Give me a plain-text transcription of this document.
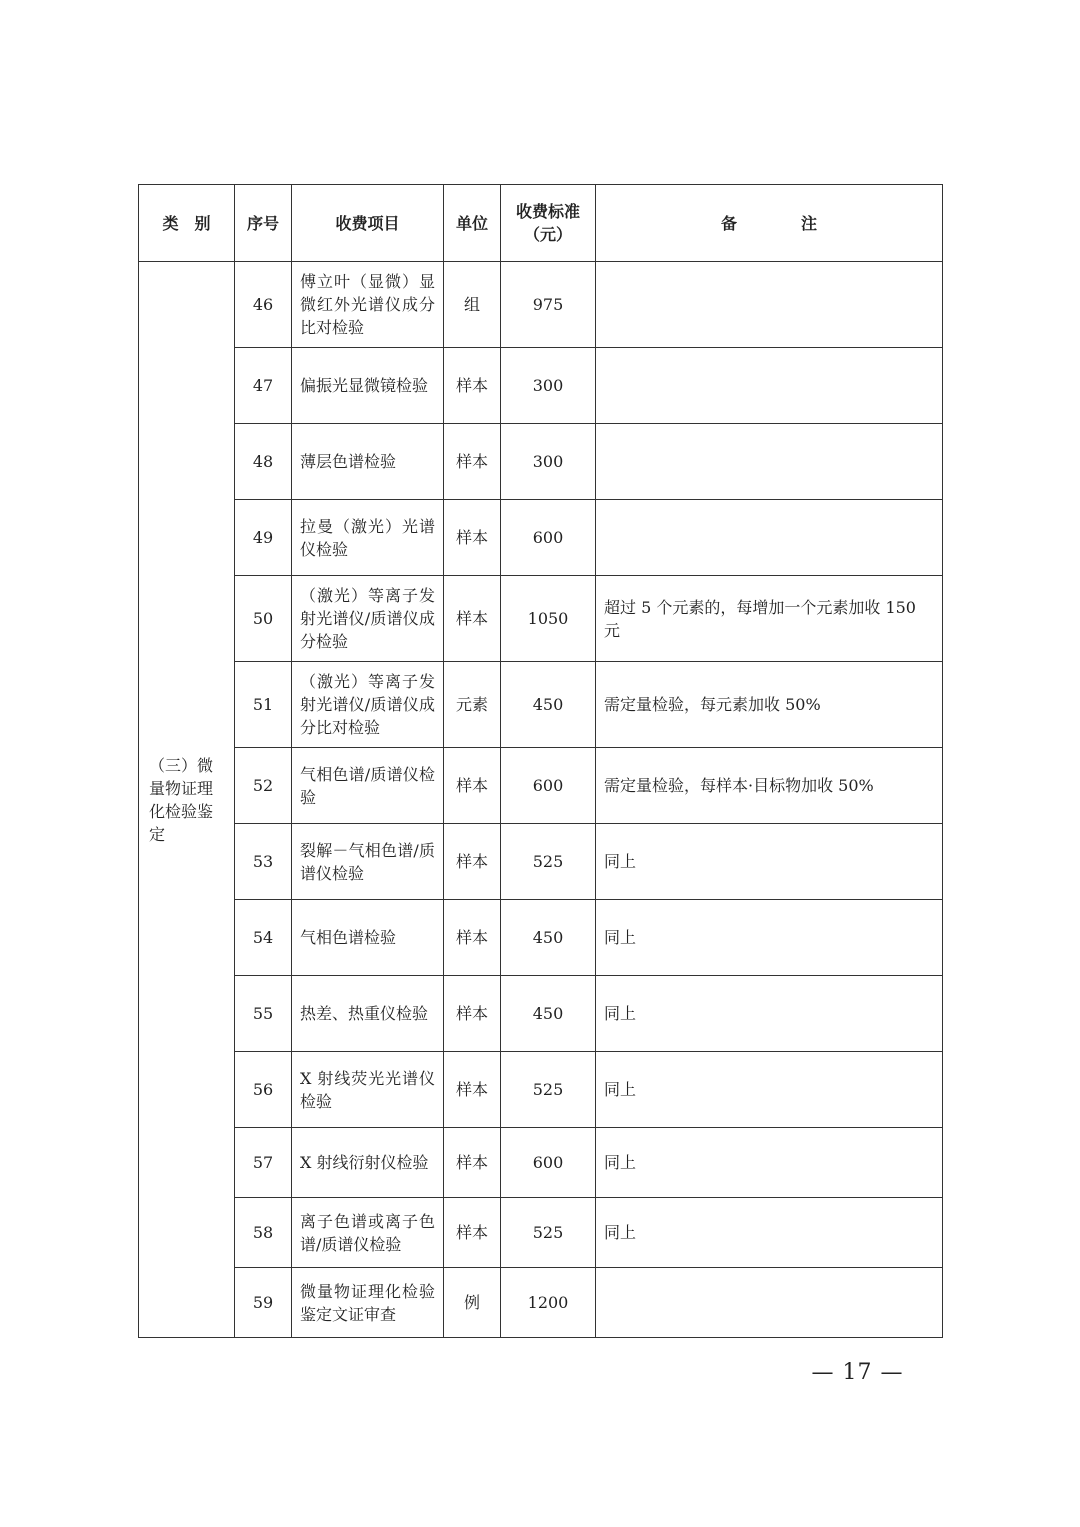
类　别	序号	收费项目	单位	收费标准（元）	备　　　　注
（三）微量物证理化检验鉴定	46	傅立叶（显微）显微红外光谱仪成分比对检验	组	975	
	47	偏振光显微镜检验	样本	300	
	48	薄层色谱检验	样本	300	
	49	拉曼（激光）光谱仪检验	样本	600	
	50	（激光）等离子发射光谱仪/质谱仪成分检验	样本	1050	超过 5 个元素的，每增加一个元素加收 150 元
	51	（激光）等离子发射光谱仪/质谱仪成分比对检验	元素	450	需定量检验，每元素加收 50%
	52	气相色谱/质谱仪检验	样本	600	需定量检验，每样本·目标物加收 50%
	53	裂解－气相色谱/质谱仪检验	样本	525	同上
	54	气相色谱检验	样本	450	同上
	55	热差、热重仪检验	样本	450	同上
	56	X 射线荧光光谱仪检验	样本	525	同上
	57	X 射线衍射仪检验	样本	600	同上
	58	离子色谱或离子色谱/质谱仪检验	样本	525	同上
	59	微量物证理化检验鉴定文证审查	例	1200	
— 17 —
